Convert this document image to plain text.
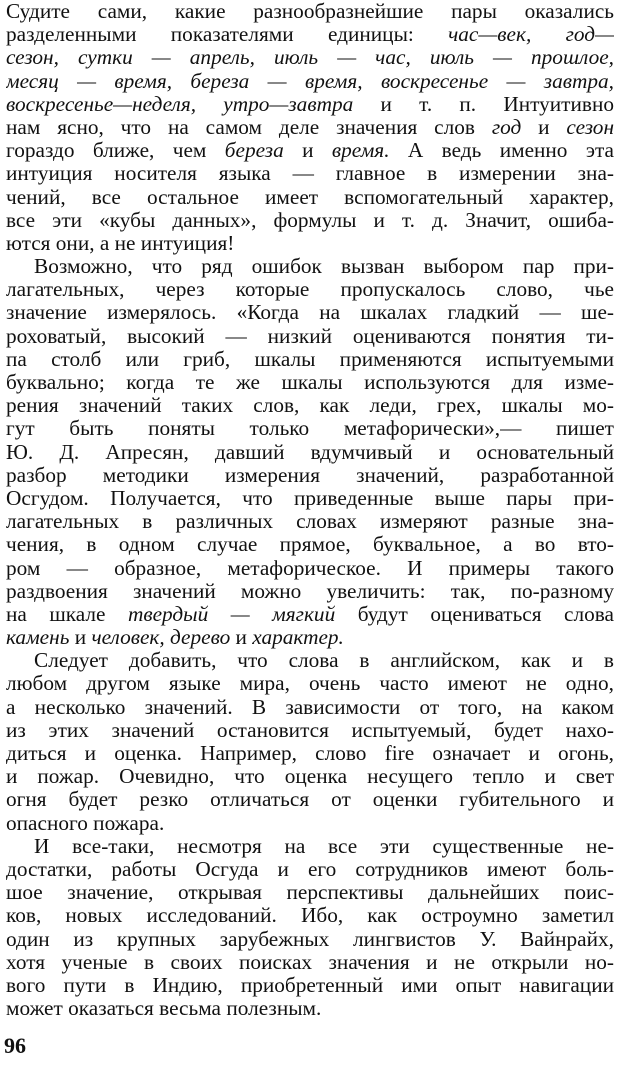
Судите сами, какие разнообразнейшие пары оказались
разделенными показателями единицы: час—век, год—
сезон, сутки — апрель, июль — час, июль — прошлое,
месяц — время, береза — время, воскресенье — завтра,
воскресенье—неделя, утро—завтра и т. п. Интуитивно
нам ясно, что на самом деле значения слов год и сезон
гораздо ближе, чем береза и время. А ведь именно эта
интуиция носителя языка — главное в измерении зна-
чений, все остальное имеет вспомогательный характер,
все эти «кубы данных», формулы и т. д. Значит, ошиба-
ются они, а не интуиция!
Возможно, что ряд ошибок вызван выбором пар при-
лагательных, через которые пропускалось слово, чье
значение измерялось. «Когда на шкалах гладкий — ше-
роховатый, высокий — низкий оцениваются понятия ти-
па столб или гриб, шкалы применяются испытуемыми
буквально; когда те же шкалы используются для изме-
рения значений таких слов, как леди, грех, шкалы мо-
гут быть поняты только метафорически»,— пишет
Ю. Д. Апресян, давший вдумчивый и основательный
разбор методики измерения значений, разработанной
Осгудом. Получается, что приведенные выше пары при-
лагательных в различных словах измеряют разные зна-
чения, в одном случае прямое, буквальное, а во вто-
ром — образное, метафорическое. И примеры такого
раздвоения значений можно увеличить: так, по-разному
на шкале твердый — мягкий будут оцениваться слова
камень и человек, дерево и характер.
Следует добавить, что слова в английском, как и в
любом другом языке мира, очень часто имеют не одно,
а несколько значений. В зависимости от того, на каком
из этих значений остановится испытуемый, будет нахо-
диться и оценка. Например, слово fire означает и огонь,
и пожар. Очевидно, что оценка несущего тепло и свет
огня будет резко отличаться от оценки губительного и
опасного пожара.
И все-таки, несмотря на все эти существенные не-
достатки, работы Осгуда и его сотрудников имеют боль-
шое значение, открывая перспективы дальнейших поис-
ков, новых исследований. Ибо, как остроумно заметил
один из крупных зарубежных лингвистов У. Вайнрайх,
хотя ученые в своих поисках значения и не открыли но-
вого пути в Индию, приобретенный ими опыт навигации
может оказаться весьма полезным.
96
